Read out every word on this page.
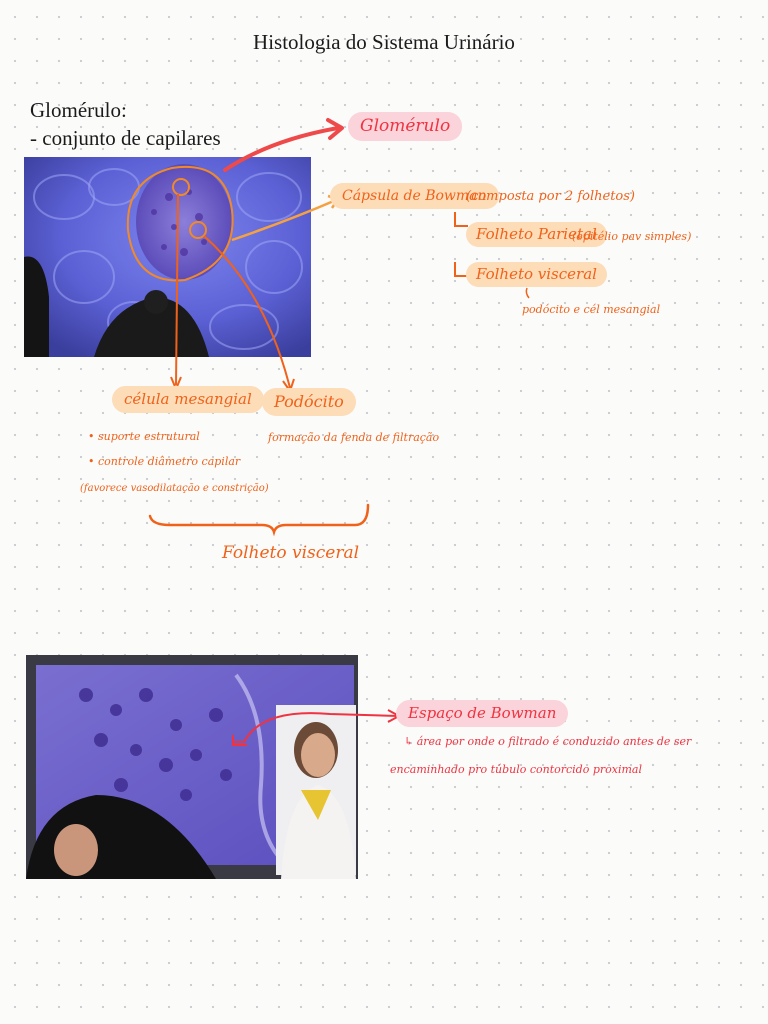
Histologia do Sistema Urinário
Glomérulo:
- conjunto de capilares	Glomérulo
Cápsula de Bowman
(composta por 2 folhetos)
Folheto Parietal
(epitélio pav simples)
Folheto visceral
podócito e cél mesangial
célula mesangial
• suporte estrutural
• controle diâmetro capilar
(favorece vasodilatação e constrição)
Podócito
formação da fenda de filtração
Folheto visceral
Espaço de Bowman
↳ área por onde o filtrado é conduzido antes de ser
encaminhado pro túbulo contorcido proximal
